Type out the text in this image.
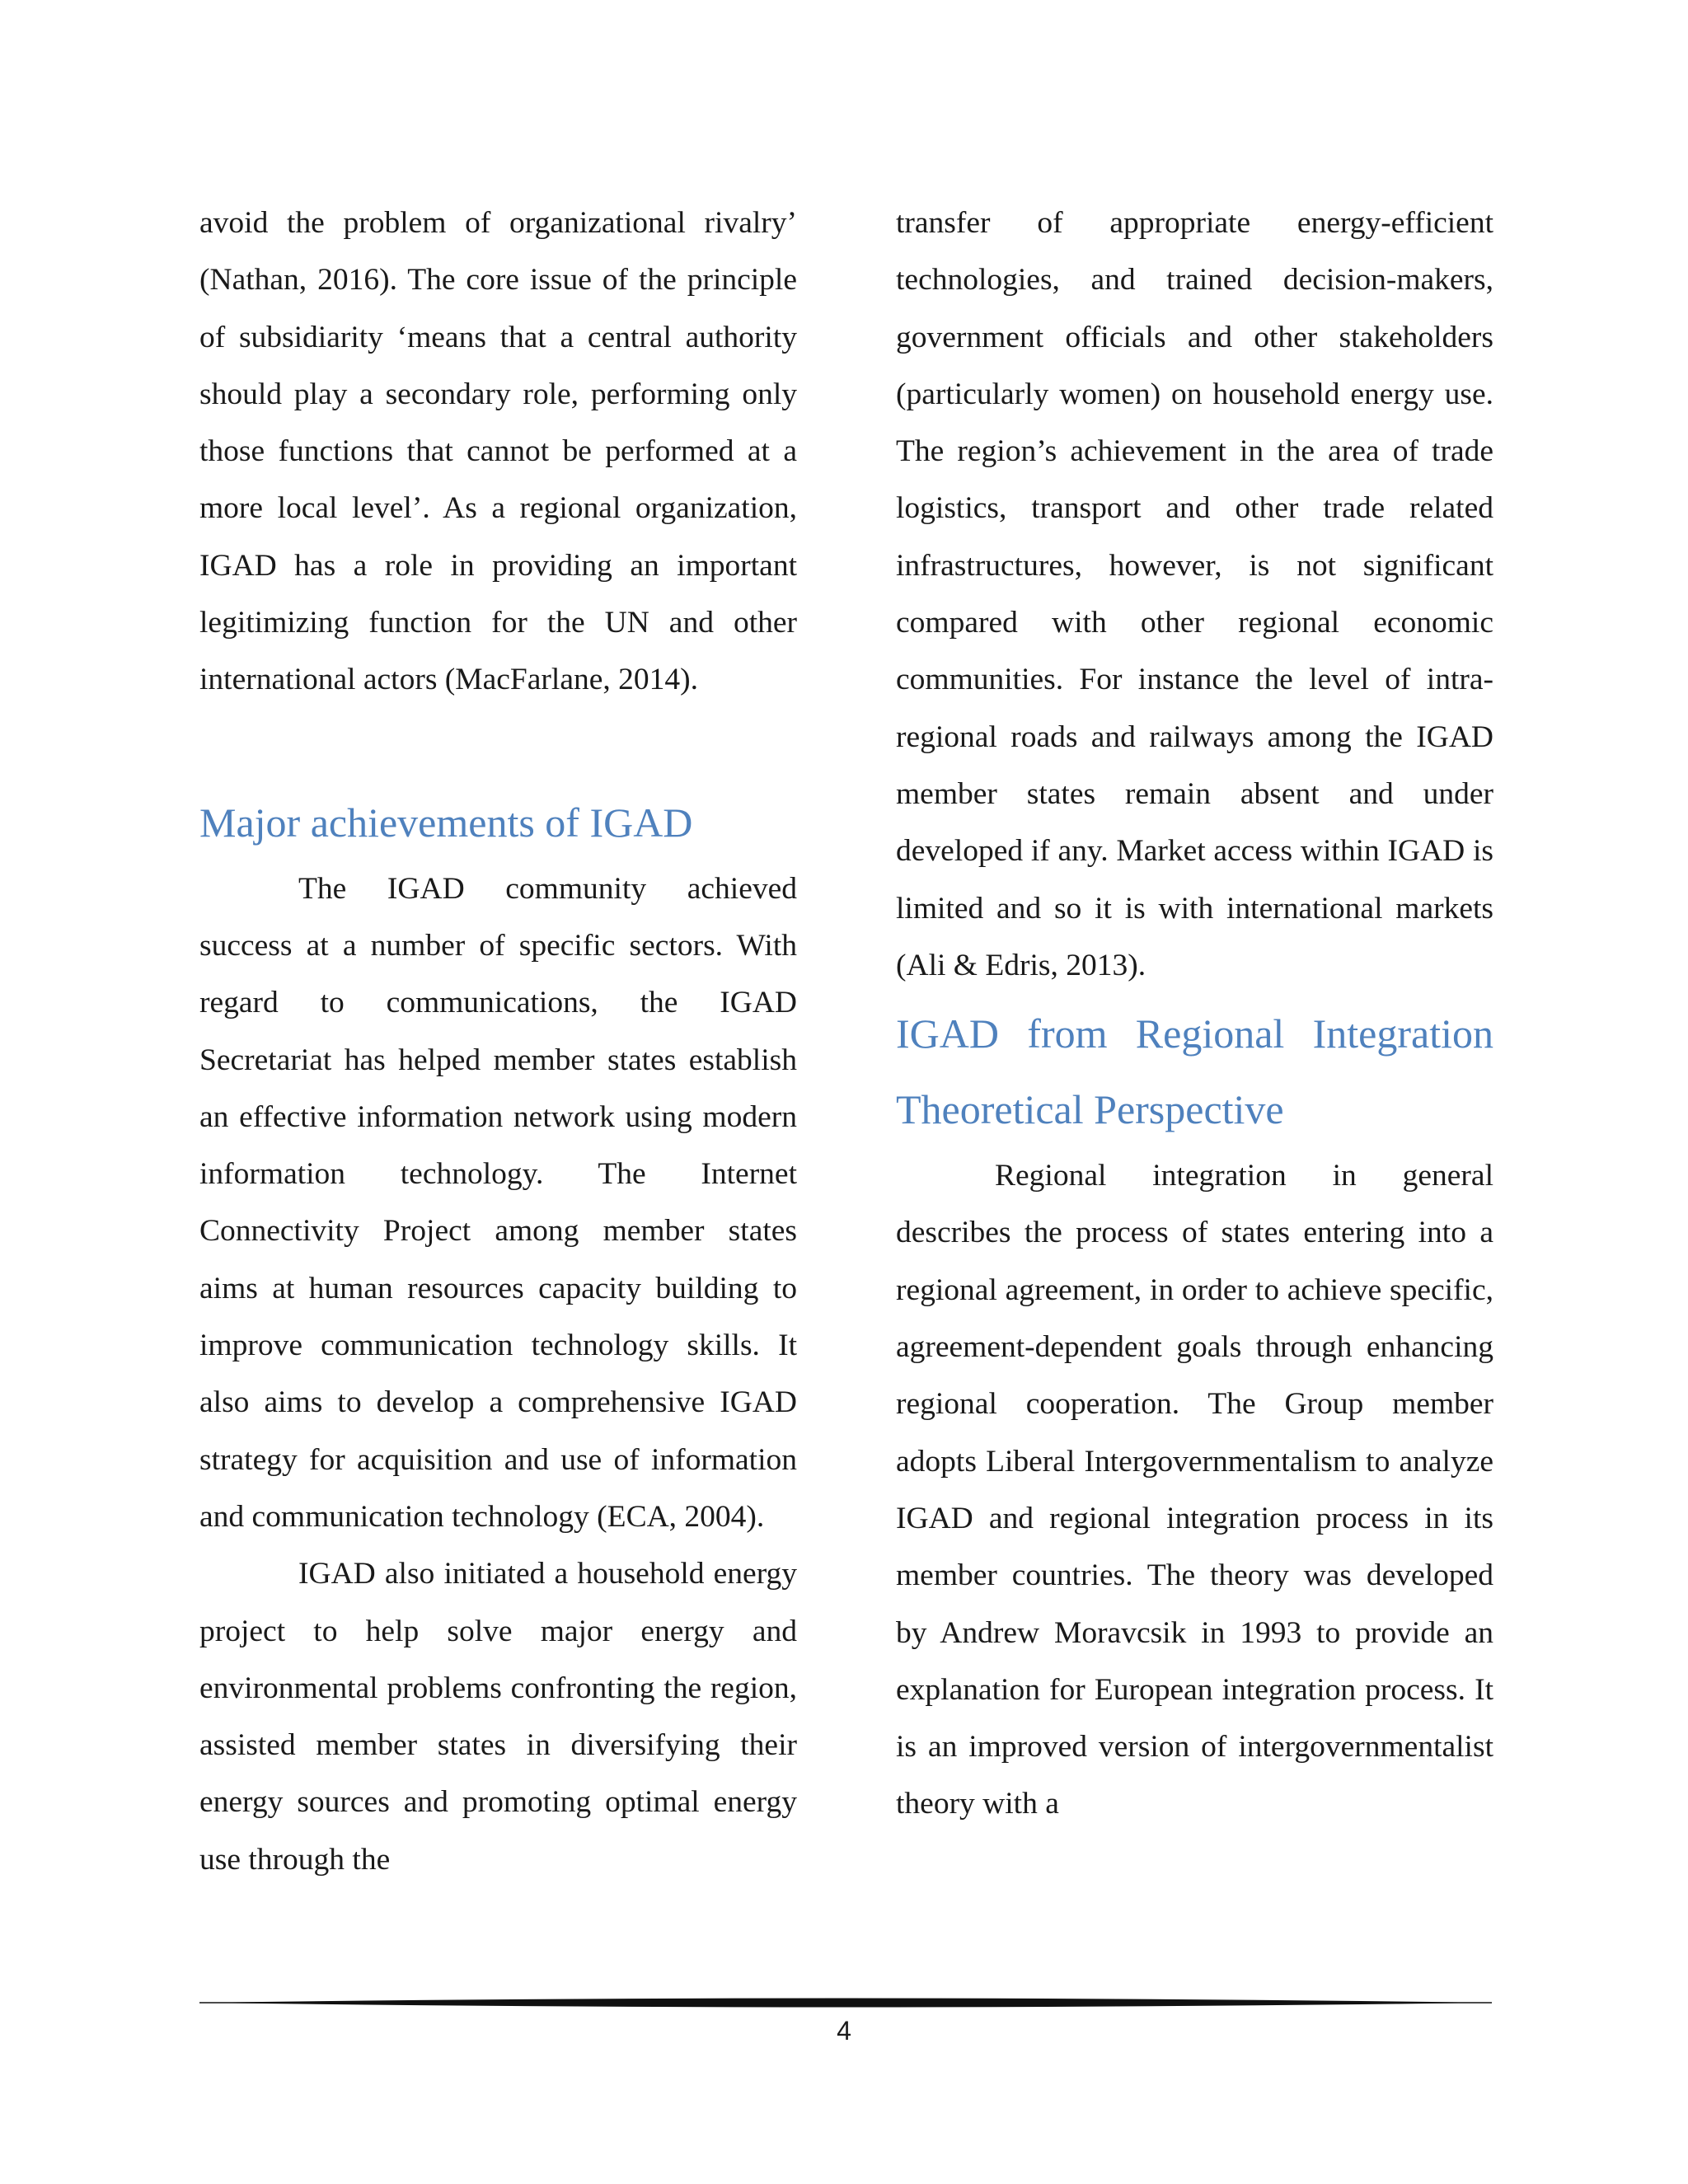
avoid the problem of organizational rivalry’ (Nathan, 2016). The core issue of the principle of subsidiarity ‘means that a central authority should play a secondary role, performing only those functions that cannot be performed at a more local level’. As a regional organization, IGAD has a role in providing an important legitimizing function for the UN and other international actors (MacFarlane, 2014).

Major achievements of IGAD

The IGAD community achieved success at a number of specific sectors. With regard to communications, the IGAD Secretariat has helped member states establish an effective information network using modern information technology. The Internet Connectivity Project among member states aims at human resources capacity building to improve communication technology skills. It also aims to develop a comprehensive IGAD strategy for acquisition and use of information and communication technology (ECA, 2004).

IGAD also initiated a household energy project to help solve major energy and environmental problems confronting the region, assisted member states in diversifying their energy sources and promoting optimal energy use through the

transfer of appropriate energy-efficient technologies, and trained decision-makers, government officials and other stakeholders (particularly women) on household energy use. The region’s achievement in the area of trade logistics, transport and other trade related infrastructures, however, is not significant compared with other regional economic communities. For instance the level of intra-regional roads and railways among the IGAD member states remain absent and under developed if any. Market access within IGAD is limited and so it is with international markets (Ali & Edris, 2013).

IGAD from Regional Integration Theoretical Perspective

Regional integration in general describes the process of states entering into a regional agreement, in order to achieve specific, agreement-dependent goals through enhancing regional cooperation. The Group member adopts Liberal Intergovernmentalism to analyze IGAD and regional integration process in its member countries. The theory was developed by Andrew Moravcsik in 1993 to provide an explanation for European integration process. It is an improved version of intergovernmentalist theory with a

4
